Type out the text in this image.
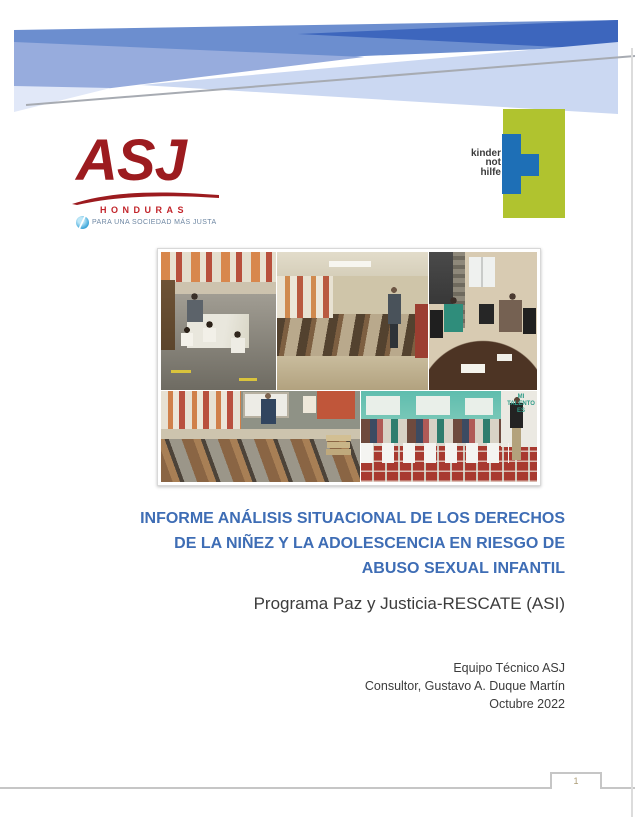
ASJ
HONDURAS
PARA UNA SOCIEDAD MÁS JUSTA
kinder
not
hilfe
MI TALENTO ES
INFORME ANÁLISIS SITUACIONAL DE LOS DERECHOS
DE LA NIÑEZ Y LA ADOLESCENCIA EN RIESGO DE
ABUSO SEXUAL INFANTIL
Programa Paz y Justicia-RESCATE (ASI)
Equipo Técnico ASJ
Consultor, Gustavo A. Duque Martín
Octubre 2022
1
